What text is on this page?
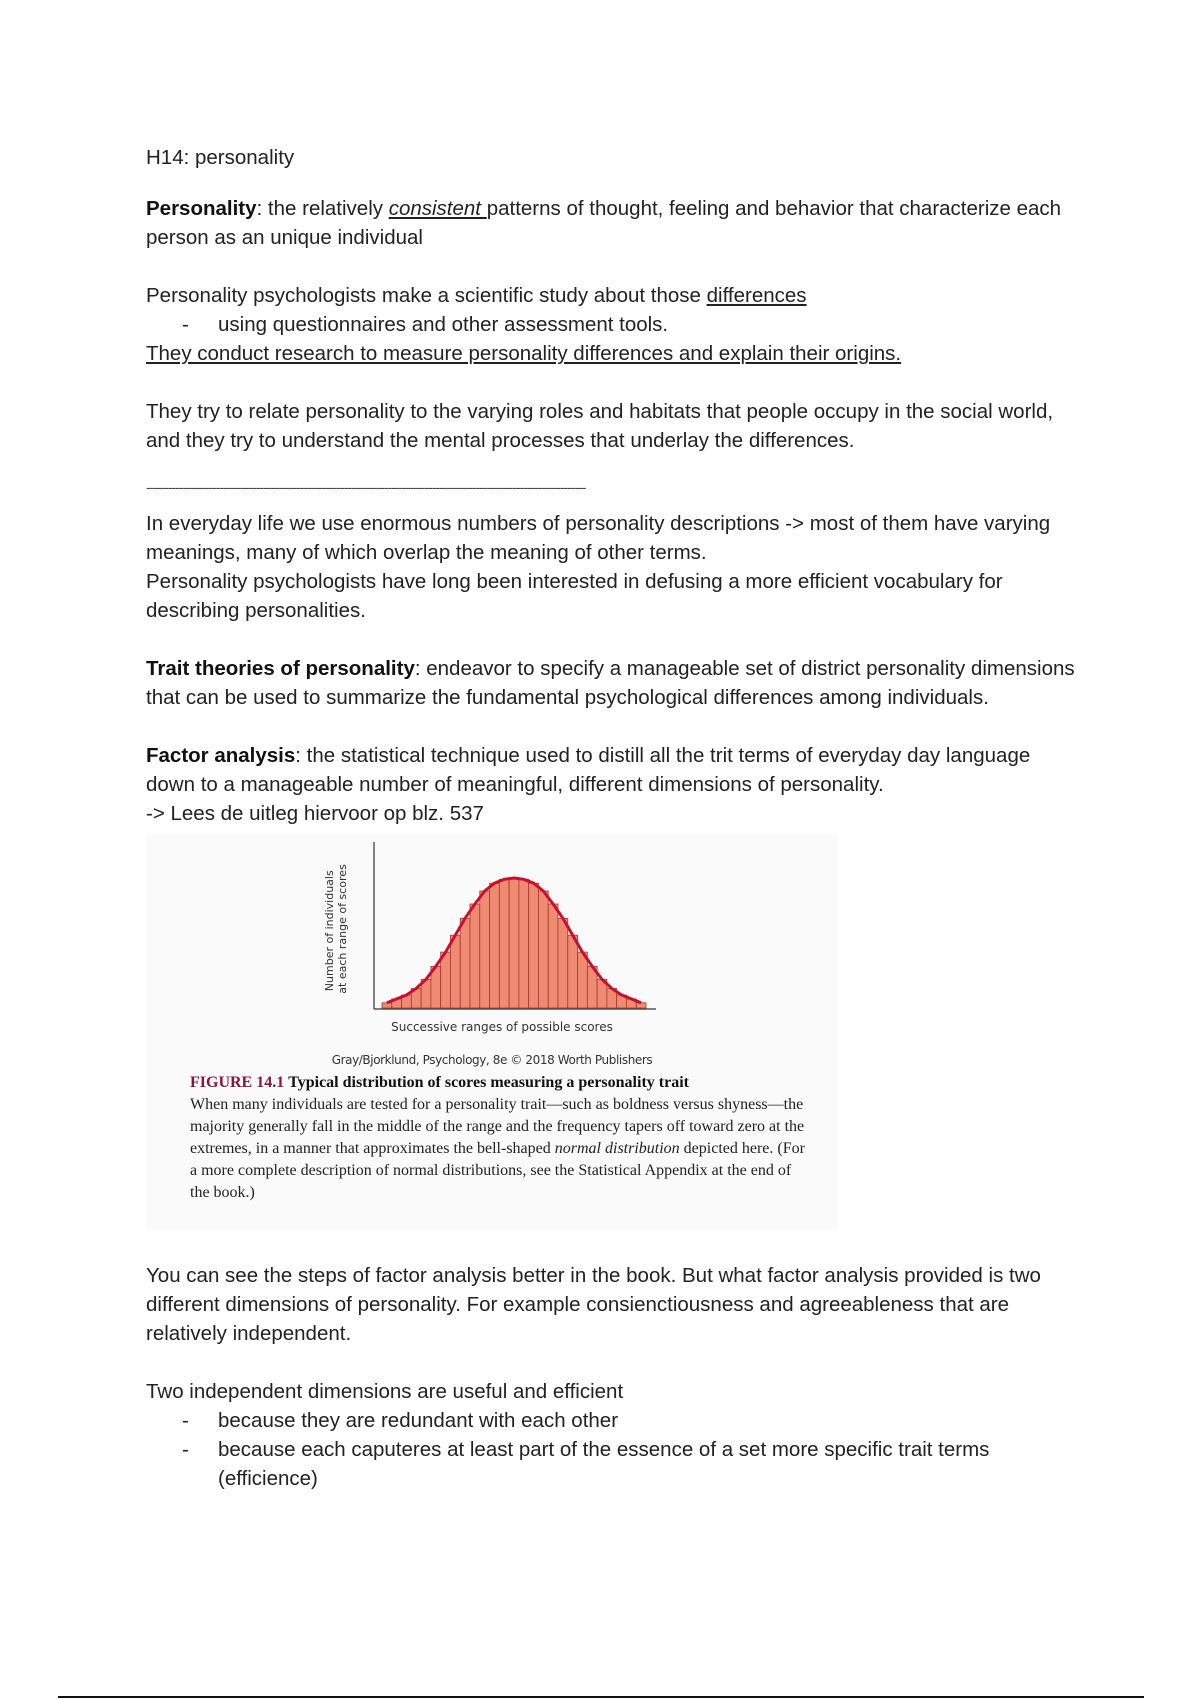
H14: personality

Personality: the relatively consistent patterns of thought, feeling and behavior that characterize each person as an unique individual

Personality psychologists make a scientific study about those differences

- using questionnaires and other assessment tools.

They conduct research to measure personality differences and explain their origins.

They try to relate personality to the varying roles and habitats that people occupy in the social world, and they try to understand the mental processes that underlay the differences.

------------------------------------------------------------------------------------------------------------------------

In everyday life we use enormous numbers of personality descriptions -> most of them have varying meanings, many of which overlap the meaning of other terms.

Personality psychologists have long been interested in defusing a more efficient vocabulary for describing personalities.

Trait theories of personality: endeavor to specify a manageable set of district personality dimensions that can be used to summarize the fundamental psychological differences among individuals.

Factor analysis: the statistical technique used to distill all the trit terms of everyday day language down to a manageable number of meaningful, different dimensions of personality.

-> Lees de uitleg hiervoor op blz. 537

Number of individuals at each range of scores
Successive ranges of possible scores
Gray/Bjorklund, Psychology, 8e © 2018 Worth Publishers
FIGURE 14.1 Typical distribution of scores measuring a personality trait
When many individuals are tested for a personality trait—such as boldness versus shyness—the majority generally fall in the middle of the range and the frequency tapers off toward zero at the extremes, in a manner that approximates the bell-shaped normal distribution depicted here. (For a more complete description of normal distributions, see the Statistical Appendix at the end of the book.)

You can see the steps of factor analysis better in the book. But what factor analysis provided is two different dimensions of personality. For example consienctiousness and agreeableness that are relatively independent.

Two independent dimensions are useful and efficient

- because they are redundant with each other

- because each caputeres at least part of the essence of a set more specific trait terms (efficience)
